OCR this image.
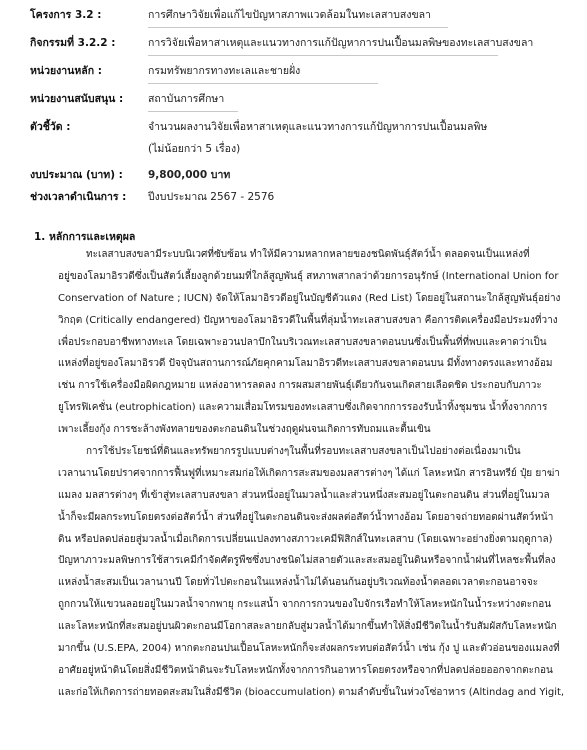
โครงการ 3.2 :	การศึกษาวิจัยเพื่อแก้ไขปัญหาสภาพแวดล้อมในทะเลสาบสงขลา
กิจกรรมที่ 3.2.2 :	การวิจัยเพื่อหาสาเหตุและแนวทางการแก้ปัญหาการปนเปื้อนมลพิษของทะเลสาบสงขลา
หน่วยงานหลัก :	กรมทรัพยากรทางทะเลและชายฝั่ง
หน่วยงานสนับสนุน : สถาบันการศึกษา
ตัวชี้วัด :	จำนวนผลงานวิจัยเพื่อหาสาเหตุและแนวทางการแก้ปัญหาการปนเปื้อนมลพิษ
(ไม่น้อยกว่า 5 เรื่อง)
งบประมาณ (บาท) : 9,800,000 บาท
ช่วงเวลาดำเนินการ : ปีงบประมาณ 2567 - 2576
1. หลักการและเหตุผล
ทะเลสาบสงขลามีระบบนิเวศที่ซับซ้อน ทำให้มีความหลากหลายของชนิดพันธุ์สัตว์น้ำ ตลอดจนเป็นแหล่งที่
อยู่ของโลมาอิรวดีซึ่งเป็นสัตว์เลี้ยงลูกด้วยนมที่ใกล้สูญพันธุ์ สหภาพสากลว่าด้วยการอนุรักษ์ (International Union for
Conservation of Nature ; IUCN) จัดให้โลมาอิรวดีอยู่ในบัญชีตัวแดง (Red List) โดยอยู่ในสถานะใกล้สูญพันธุ์อย่าง
วิกฤต (Critically endangered) ปัญหาของโลมาอิรวดีในพื้นที่ลุ่มน้ำทะเลสาบสงขลา คือการติดเครื่องมือประมงที่วาง
เพื่อประกอบอาชีพทางทะเล โดยเฉพาะอวนปลาบึกในบริเวณทะเลสาบสงขลาตอนบนซึ่งเป็นพื้นที่ที่พบและคาดว่าเป็น
แหล่งที่อยู่ของโลมาอิรวดี ปัจจุบันสถานการณ์ภัยคุกคามโลมาอิรวดีทะเลสาบสงขลาตอนบน มีทั้งทางตรงและทางอ้อม
เช่น การใช้เครื่องมือผิดกฎหมาย แหล่งอาหารลดลง การผสมสายพันธุ์เดียวกันจนเกิดสายเลือดชิด ประกอบกับภาวะ
ยูโทรฟิเคชั่น (eutrophication) และความเสื่อมโทรมของทะเลสาบซึ่งเกิดจากการรองรับน้ำทิ้งชุมชน น้ำทิ้งจากการ
เพาะเลี้ยงกุ้ง การชะล้างพังทลายของตะกอนดินในช่วงฤดูฝนจนเกิดการทับถมและตื้นเขิน
การใช้ประโยชน์ที่ดินและทรัพยากรรูปแบบต่างๆในพื้นที่รอบทะเลสาบสงขลาเป็นไปอย่างต่อเนื่องมาเป็น
เวลานานโดยปราศจากการฟื้นฟูที่เหมาะสมก่อให้เกิดการสะสมของมลสารต่างๆ ได้แก่ โลหะหนัก สารอินทรีย์ ปุ๋ย ยาฆ่า
แมลง มลสารต่างๆ ที่เข้าสู่ทะเลสาบสงขลา ส่วนหนึ่งอยู่ในมวลน้ำและส่วนหนึ่งสะสมอยู่ในตะกอนดิน ส่วนที่อยู่ในมวล
น้ำก็จะมีผลกระทบโดยตรงต่อสัตว์น้ำ ส่วนที่อยู่ในตะกอนดินจะส่งผลต่อสัตว์น้ำทางอ้อม โดยอาจถ่ายทอดผ่านสัตว์หน้า
ดิน หรือปลดปล่อยสู่มวลน้ำเมื่อเกิดการเปลี่ยนแปลงทางสภาวะเคมีฟิสิกส์ในทะเลสาบ (โดยเฉพาะอย่างยิ่งตามฤดูกาล)
ปัญหาภาวะมลพิษการใช้สารเคมีกำจัดศัตรูพืชซึ่งบางชนิดไม่สลายตัวและสะสมอยู่ในดินหรือจากน้ำฝนที่ไหลชะพื้นที่ลง
แหล่งน้ำสะสมเป็นเวลานานปี โดยทั่วไปตะกอนในแหล่งน้ำไม่ได้นอนก้นอยู่บริเวณท้องน้ำตลอดเวลาตะกอนอาจจะ
ถูกกวนให้แขวนลอยอยู่ในมวลน้ำจากพายุ กระแสน้ำ จากการกวนของใบจักรเรือทำให้โลหะหนักในน้ำระหว่างตะกอน
และโลหะหนักที่สะสมอยู่บนผิวตะกอนมีโอกาสละลายกลับสู่มวลน้ำได้มากขึ้นทำให้สิ่งมีชีวิตในน้ำรับสัมผัสกับโลหะหนัก
มากขึ้น (U.S.EPA, 2004) หากตะกอนปนเปื้อนโลหะหนักก็จะส่งผลกระทบต่อสัตว์น้ำ เช่น กุ้ง ปู และตัวอ่อนของแมลงที่
อาศัยอยู่หน้าดินโดยสิ่งมีชีวิตหน้าดินจะรับโลหะหนักทั้งจากการกินอาหารโดยตรงหรือจากที่ปลดปล่อยออกจากตะกอน
และก่อให้เกิดการถ่ายทอดสะสมในสิ่งมีชีวิต (bioaccumulation) ตามลำดับขั้นในห่วงโซ่อาหาร (Altindag and Yigit,
